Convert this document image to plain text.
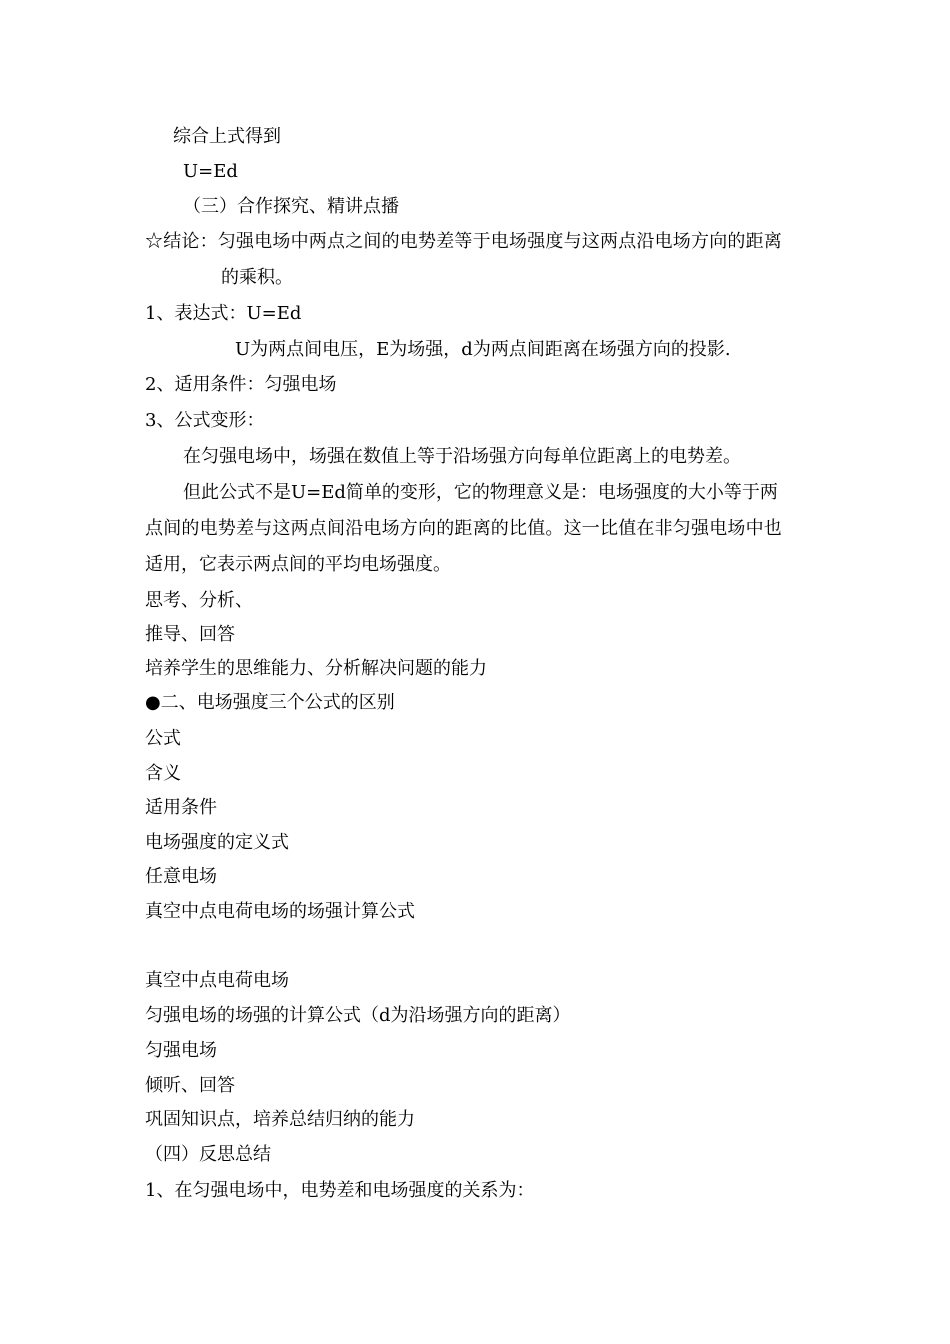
综合上式得到
U=Ed
（三）合作探究、精讲点播
☆结论：匀强电场中两点之间的电势差等于电场强度与这两点沿电场方向的距离
的乘积。
1、表达式：U=Ed
U为两点间电压，E为场强，d为两点间距离在场强方向的投影.
2、适用条件：匀强电场
3、公式变形：
在匀强电场中，场强在数值上等于沿场强方向每单位距离上的电势差。
但此公式不是U=Ed简单的变形，它的物理意义是：电场强度的大小等于两
点间的电势差与这两点间沿电场方向的距离的比值。这一比值在非匀强电场中也
适用，它表示两点间的平均电场强度。
思考、分析、
推导、回答
培养学生的思维能力、分析解决问题的能力
●二、电场强度三个公式的区别
公式
含义
适用条件
电场强度的定义式
任意电场
真空中点电荷电场的场强计算公式
真空中点电荷电场
匀强电场的场强的计算公式（d为沿场强方向的距离）
匀强电场
倾听、回答
巩固知识点，培养总结归纳的能力
（四）反思总结
1、在匀强电场中，电势差和电场强度的关系为：
